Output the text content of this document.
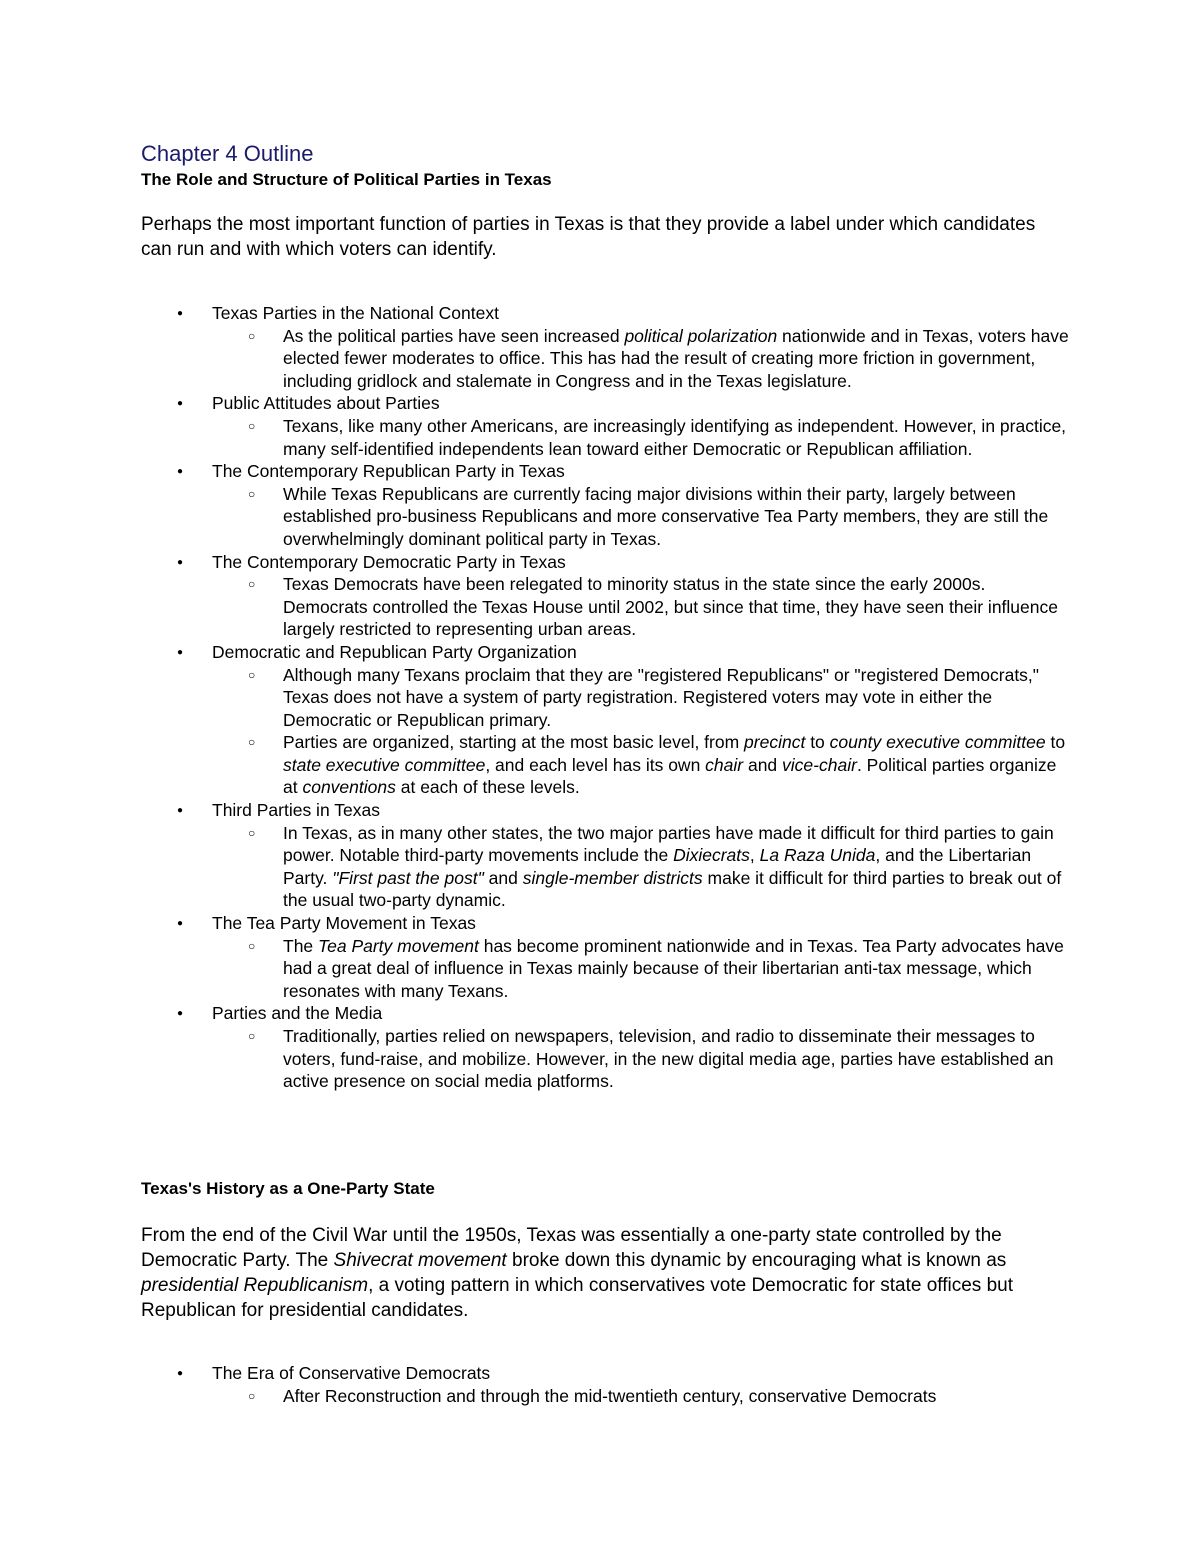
Chapter 4 Outline
The Role and Structure of Political Parties in Texas

Perhaps the most important function of parties in Texas is that they provide a label under which candidates can run and with which voters can identify.

● Texas Parties in the National Context
○ As the political parties have seen increased political polarization nationwide and in Texas, voters have elected fewer moderates to office. This has had the result of creating more friction in government, including gridlock and stalemate in Congress and in the Texas legislature.
● Public Attitudes about Parties
○ Texans, like many other Americans, are increasingly identifying as independent. However, in practice, many self-identified independents lean toward either Democratic or Republican affiliation.
● The Contemporary Republican Party in Texas
○ While Texas Republicans are currently facing major divisions within their party, largely between established pro-business Republicans and more conservative Tea Party members, they are still the overwhelmingly dominant political party in Texas.
● The Contemporary Democratic Party in Texas
○ Texas Democrats have been relegated to minority status in the state since the early 2000s. Democrats controlled the Texas House until 2002, but since that time, they have seen their influence largely restricted to representing urban areas.
● Democratic and Republican Party Organization
○ Although many Texans proclaim that they are "registered Republicans" or "registered Democrats," Texas does not have a system of party registration. Registered voters may vote in either the Democratic or Republican primary.
○ Parties are organized, starting at the most basic level, from precinct to county executive committee to state executive committee, and each level has its own chair and vice-chair. Political parties organize at conventions at each of these levels.
● Third Parties in Texas
○ In Texas, as in many other states, the two major parties have made it difficult for third parties to gain power. Notable third-party movements include the Dixiecrats, La Raza Unida, and the Libertarian Party. "First past the post" and single-member districts make it difficult for third parties to break out of the usual two-party dynamic.
● The Tea Party Movement in Texas
○ The Tea Party movement has become prominent nationwide and in Texas. Tea Party advocates have had a great deal of influence in Texas mainly because of their libertarian anti-tax message, which resonates with many Texans.
● Parties and the Media
○ Traditionally, parties relied on newspapers, television, and radio to disseminate their messages to voters, fund-raise, and mobilize. However, in the new digital media age, parties have established an active presence on social media platforms.
Texas's History as a One-Party State

From the end of the Civil War until the 1950s, Texas was essentially a one-party state controlled by the Democratic Party. The Shivecrat movement broke down this dynamic by encouraging what is known as presidential Republicanism, a voting pattern in which conservatives vote Democratic for state offices but Republican for presidential candidates.

● The Era of Conservative Democrats
○ After Reconstruction and through the mid-twentieth century, conservative Democrats
